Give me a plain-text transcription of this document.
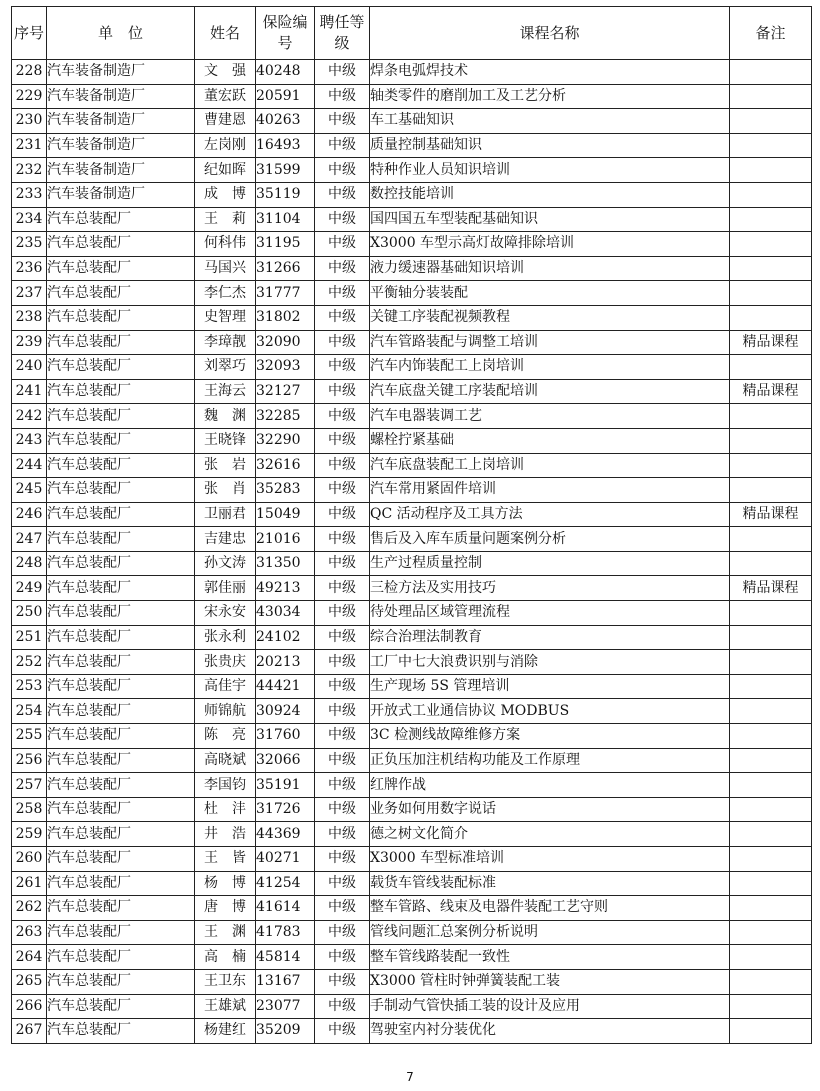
序号	单　位	姓名	保险编号	聘任等级	课程名称	备注
228	汽车装备制造厂	文　强	40248	中级	焊条电弧焊技术	
229	汽车装备制造厂	董宏跃	20591	中级	轴类零件的磨削加工及工艺分析	
230	汽车装备制造厂	曹建恩	40263	中级	车工基础知识	
231	汽车装备制造厂	左岗刚	16493	中级	质量控制基础知识	
232	汽车装备制造厂	纪如晖	31599	中级	特种作业人员知识培训	
233	汽车装备制造厂	成　博	35119	中级	数控技能培训	
234	汽车总装配厂	王　莉	31104	中级	国四国五车型装配基础知识	
235	汽车总装配厂	何科伟	31195	中级	X3000 车型示高灯故障排除培训	
236	汽车总装配厂	马国兴	31266	中级	液力缓速器基础知识培训	
237	汽车总装配厂	李仁杰	31777	中级	平衡轴分装装配	
238	汽车总装配厂	史智理	31802	中级	关键工序装配视频教程	
239	汽车总装配厂	李璋靓	32090	中级	汽车管路装配与调整工培训	精品课程
240	汽车总装配厂	刘翠巧	32093	中级	汽车内饰装配工上岗培训	
241	汽车总装配厂	王海云	32127	中级	汽车底盘关键工序装配培训	精品课程
242	汽车总装配厂	魏　渊	32285	中级	汽车电器装调工艺	
243	汽车总装配厂	王晓锋	32290	中级	螺栓拧紧基础	
244	汽车总装配厂	张　岩	32616	中级	汽车底盘装配工上岗培训	
245	汽车总装配厂	张　肖	35283	中级	汽车常用紧固件培训	
246	汽车总装配厂	卫丽君	15049	中级	QC 活动程序及工具方法	精品课程
247	汽车总装配厂	吉建忠	21016	中级	售后及入库车质量问题案例分析	
248	汽车总装配厂	孙文涛	31350	中级	生产过程质量控制	
249	汽车总装配厂	郭佳丽	49213	中级	三检方法及实用技巧	精品课程
250	汽车总装配厂	宋永安	43034	中级	待处理品区域管理流程	
251	汽车总装配厂	张永利	24102	中级	综合治理法制教育	
252	汽车总装配厂	张贵庆	20213	中级	工厂中七大浪费识别与消除	
253	汽车总装配厂	高佳宇	44421	中级	生产现场 5S 管理培训	
254	汽车总装配厂	师锦航	30924	中级	开放式工业通信协议 MODBUS	
255	汽车总装配厂	陈　亮	31760	中级	3C 检测线故障维修方案	
256	汽车总装配厂	高晓斌	32066	中级	正负压加注机结构功能及工作原理	
257	汽车总装配厂	李国钧	35191	中级	红牌作战	
258	汽车总装配厂	杜　沣	31726	中级	业务如何用数字说话	
259	汽车总装配厂	井　浩	44369	中级	德之树文化简介	
260	汽车总装配厂	王　皆	40271	中级	X3000 车型标准培训	
261	汽车总装配厂	杨　博	41254	中级	载货车管线装配标准	
262	汽车总装配厂	唐　博	41614	中级	整车管路、线束及电器件装配工艺守则	
263	汽车总装配厂	王　渊	41783	中级	管线问题汇总案例分析说明	
264	汽车总装配厂	高　楠	45814	中级	整车管线路装配一致性	
265	汽车总装配厂	王卫东	13167	中级	X3000 管柱时钟弹簧装配工装	
266	汽车总装配厂	王雄斌	23077	中级	手制动气管快插工装的设计及应用	
267	汽车总装配厂	杨建红	35209	中级	驾驶室内衬分装优化	
7
